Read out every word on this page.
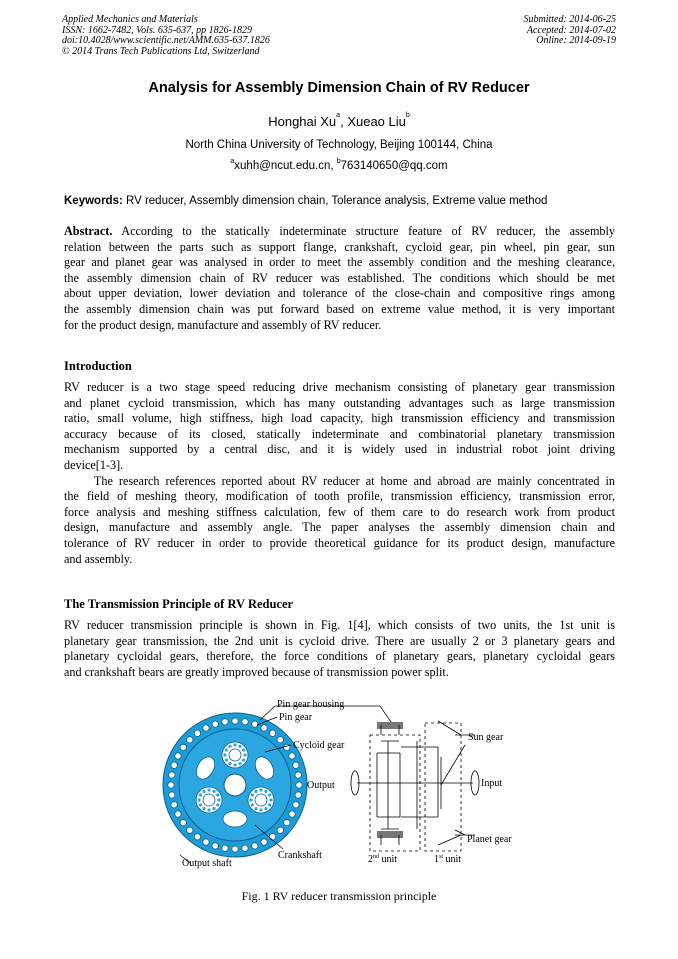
Applied Mechanics and Materials
ISSN: 1662-7482, Vols. 635-637, pp 1826-1829
doi:10.4028/www.scientific.net/AMM.635-637.1826
© 2014 Trans Tech Publications Ltd, Switzerland
Submitted: 2014-06-25
Accepted: 2014-07-02
Online: 2014-09-19
Analysis for Assembly Dimension Chain of RV Reducer
Honghai Xu$^a$, Xueao Liu$^b$
North China University of Technology, Beijing 100144, China
$^a$xuhh@ncut.edu.cn, $^b$763140650@qq.com
Keywords: RV reducer, Assembly dimension chain, Tolerance analysis, Extreme value method
Abstract. According to the statically indeterminate structure feature of RV reducer, the assembly
relation between the parts such as support flange, crankshaft, cycloid gear, pin wheel, pin gear, sun
gear and planet gear was analysed in order to meet the assembly condition and the meshing clearance,
the assembly dimension chain of RV reducer was established. The conditions which should be met
about upper deviation, lower deviation and tolerance of the close-chain and compositive rings among
the assembly dimension chain was put forward based on extreme value method, it is very important
for the product design, manufacture and assembly of RV reducer.
Introduction
RV reducer is a two stage speed reducing drive mechanism consisting of planetary gear transmission
and planet cycloid transmission, which has many outstanding advantages such as large transmission
ratio, small volume, high stiffness, high load capacity, high transmission efficiency and transmission
accuracy because of its closed, statically indeterminate and combinatorial planetary transmission
mechanism supported by a central disc, and it is widely used in industrial robot joint driving
device[1-3].
The research references reported about RV reducer at home and abroad are mainly concentrated in
the field of meshing theory, modification of tooth profile, transmission efficiency, transmission error,
force analysis and meshing stiffness calculation, few of them care to do research work from product
design, manufacture and assembly angle. The paper analyses the assembly dimension chain and
tolerance of RV reducer in order to provide theoretical guidance for its product design, manufacture
and assembly.
The Transmission Principle of RV Reducer
RV reducer transmission principle is shown in Fig. 1[4], which consists of two units, the 1st unit is
planetary gear transmission, the 2nd unit is cycloid drive. There are usually 2 or 3 planetary gears and
planetary cycloidal gears, therefore, the force conditions of planetary gears, planetary cycloidal gears
and crankshaft bears are greatly improved because of transmission power split.
Pin gear housing
Pin gear
Cycloid gear
Output
Crankshaft
Output shaft
Sun gear
Input
Planet gear
2nd unit	1st unit
Fig. 1 RV reducer transmission principle
